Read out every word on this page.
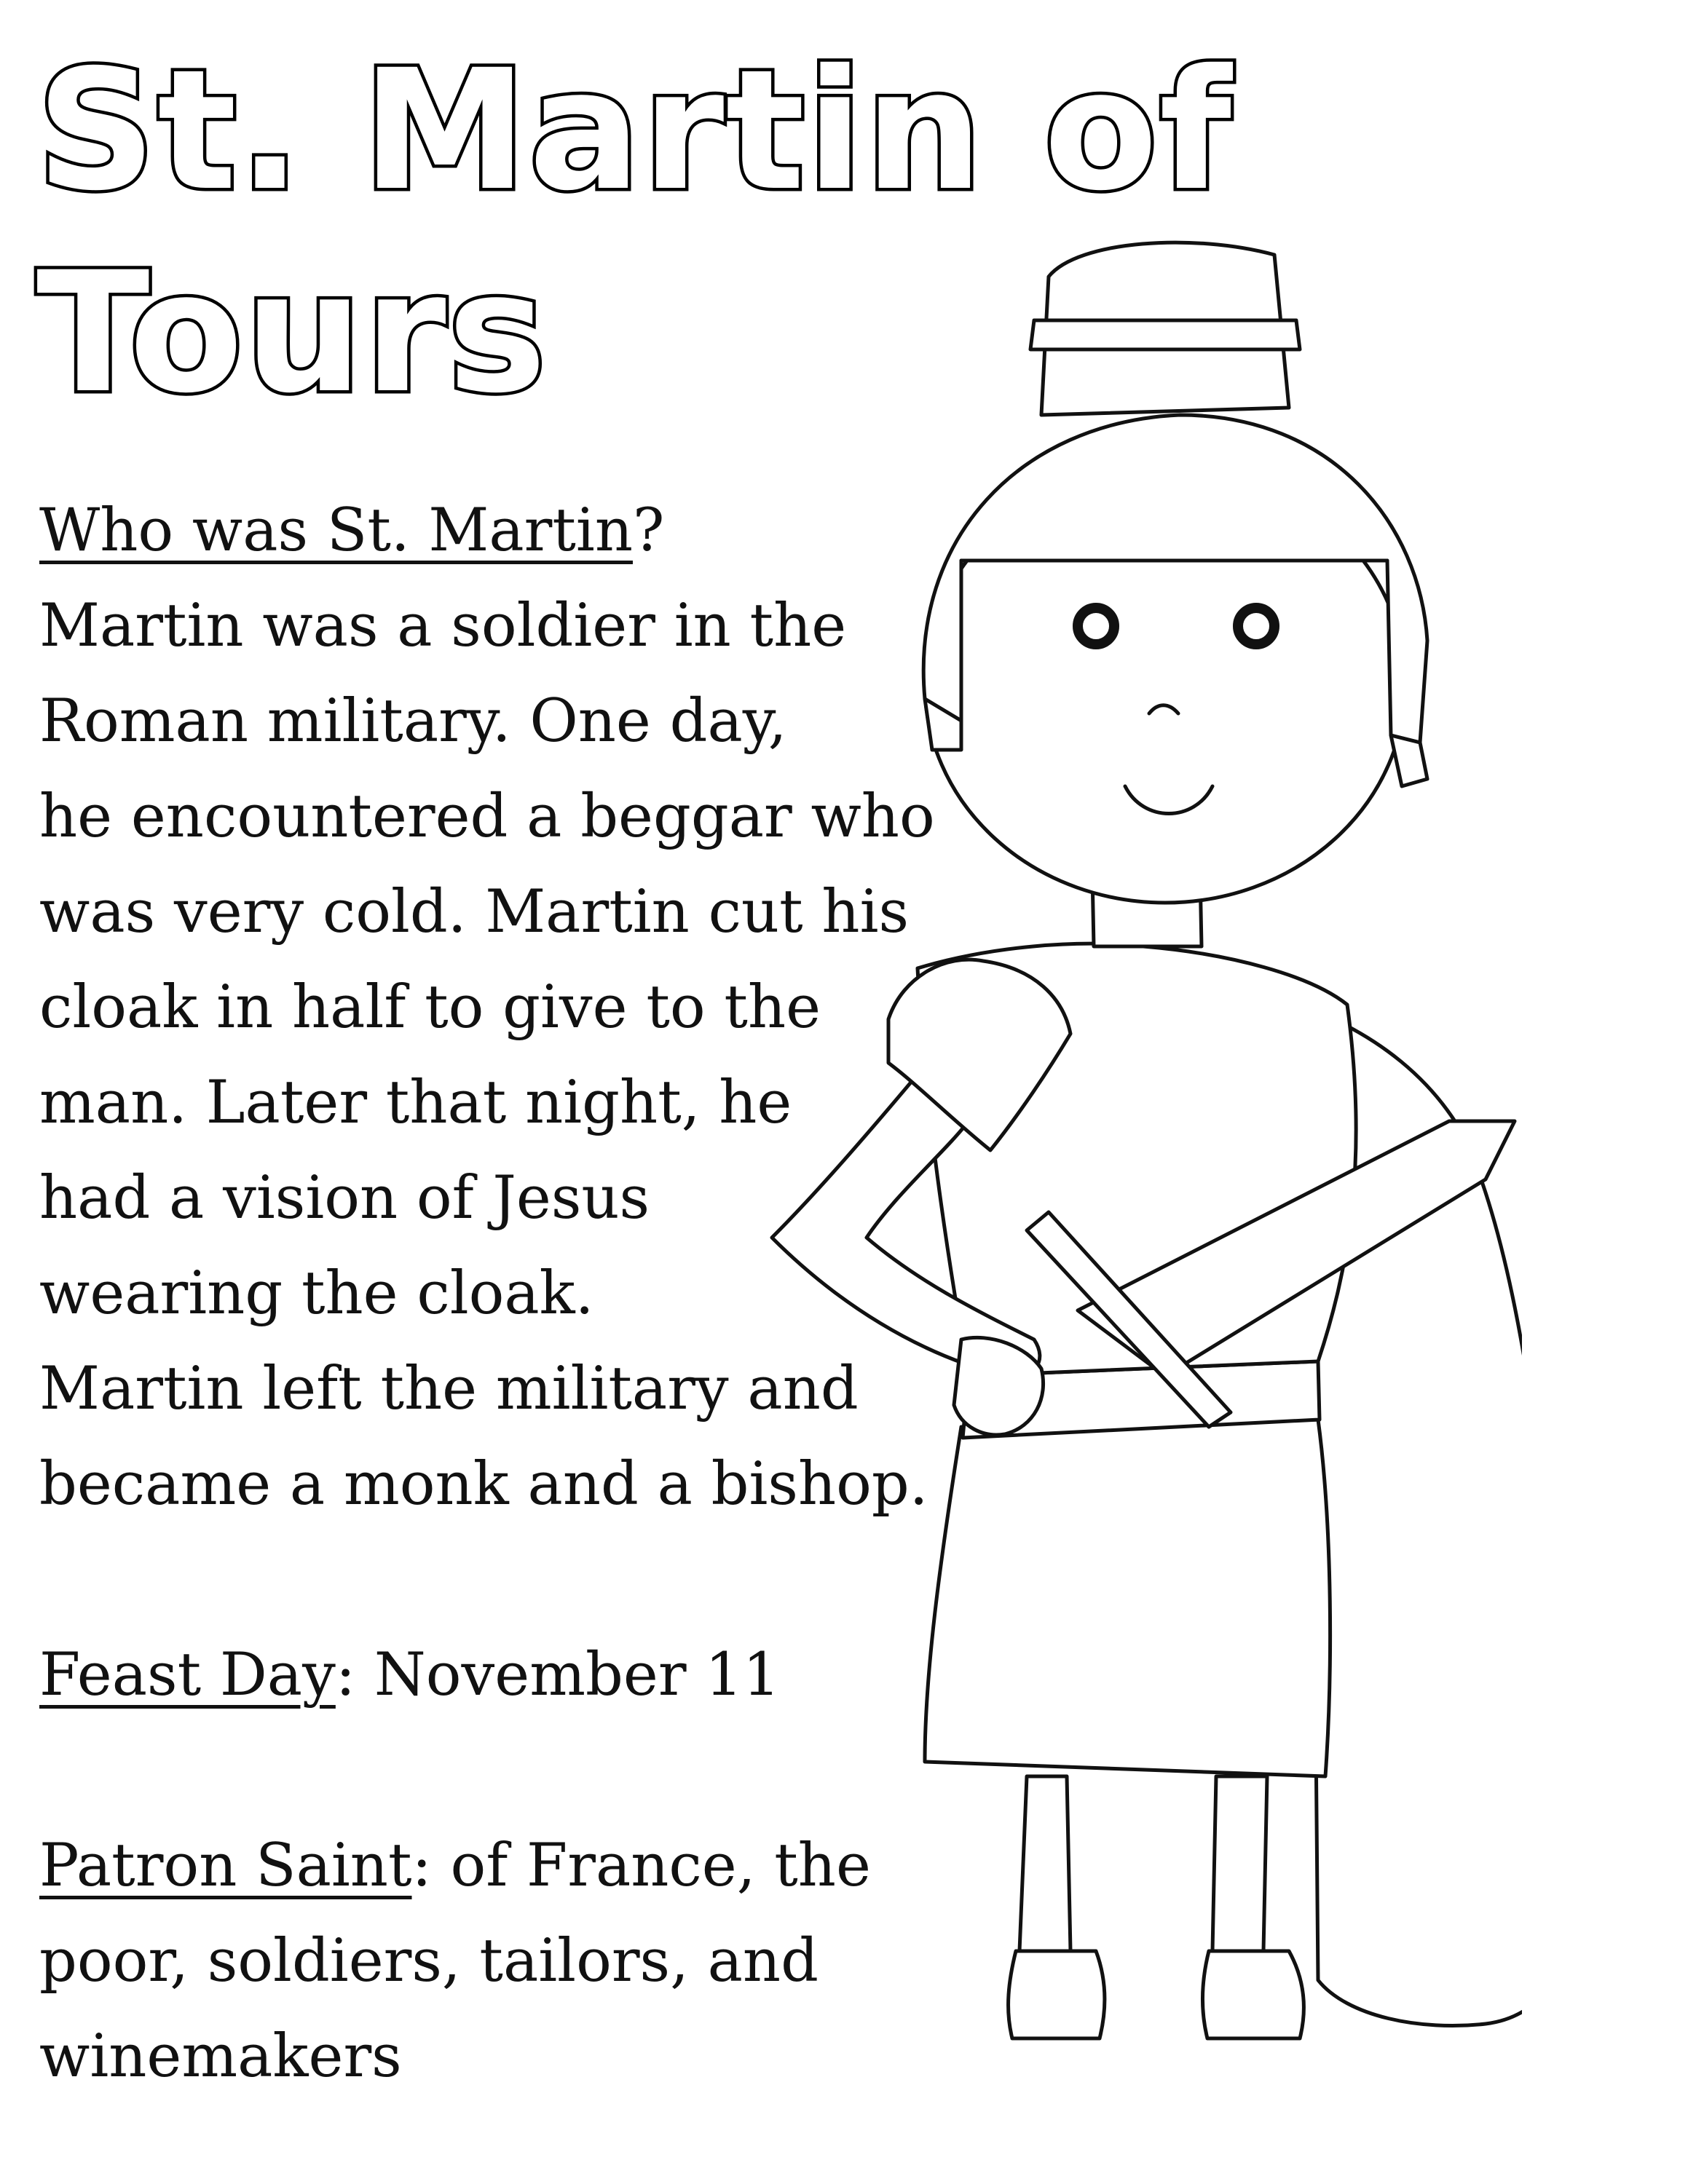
St. Martin of
Tours
Who was St. Martin?
Martin was a soldier in the
Roman military. One day,
he encountered a beggar who
was very cold. Martin cut his
cloak in half to give to the
man. Later that night, he
had a vision of Jesus
wearing the cloak.
Martin left the military and
became a monk and a bishop.
Feast Day: November 11
Patron Saint: of France, the
poor, soldiers, tailors, and
winemakers
